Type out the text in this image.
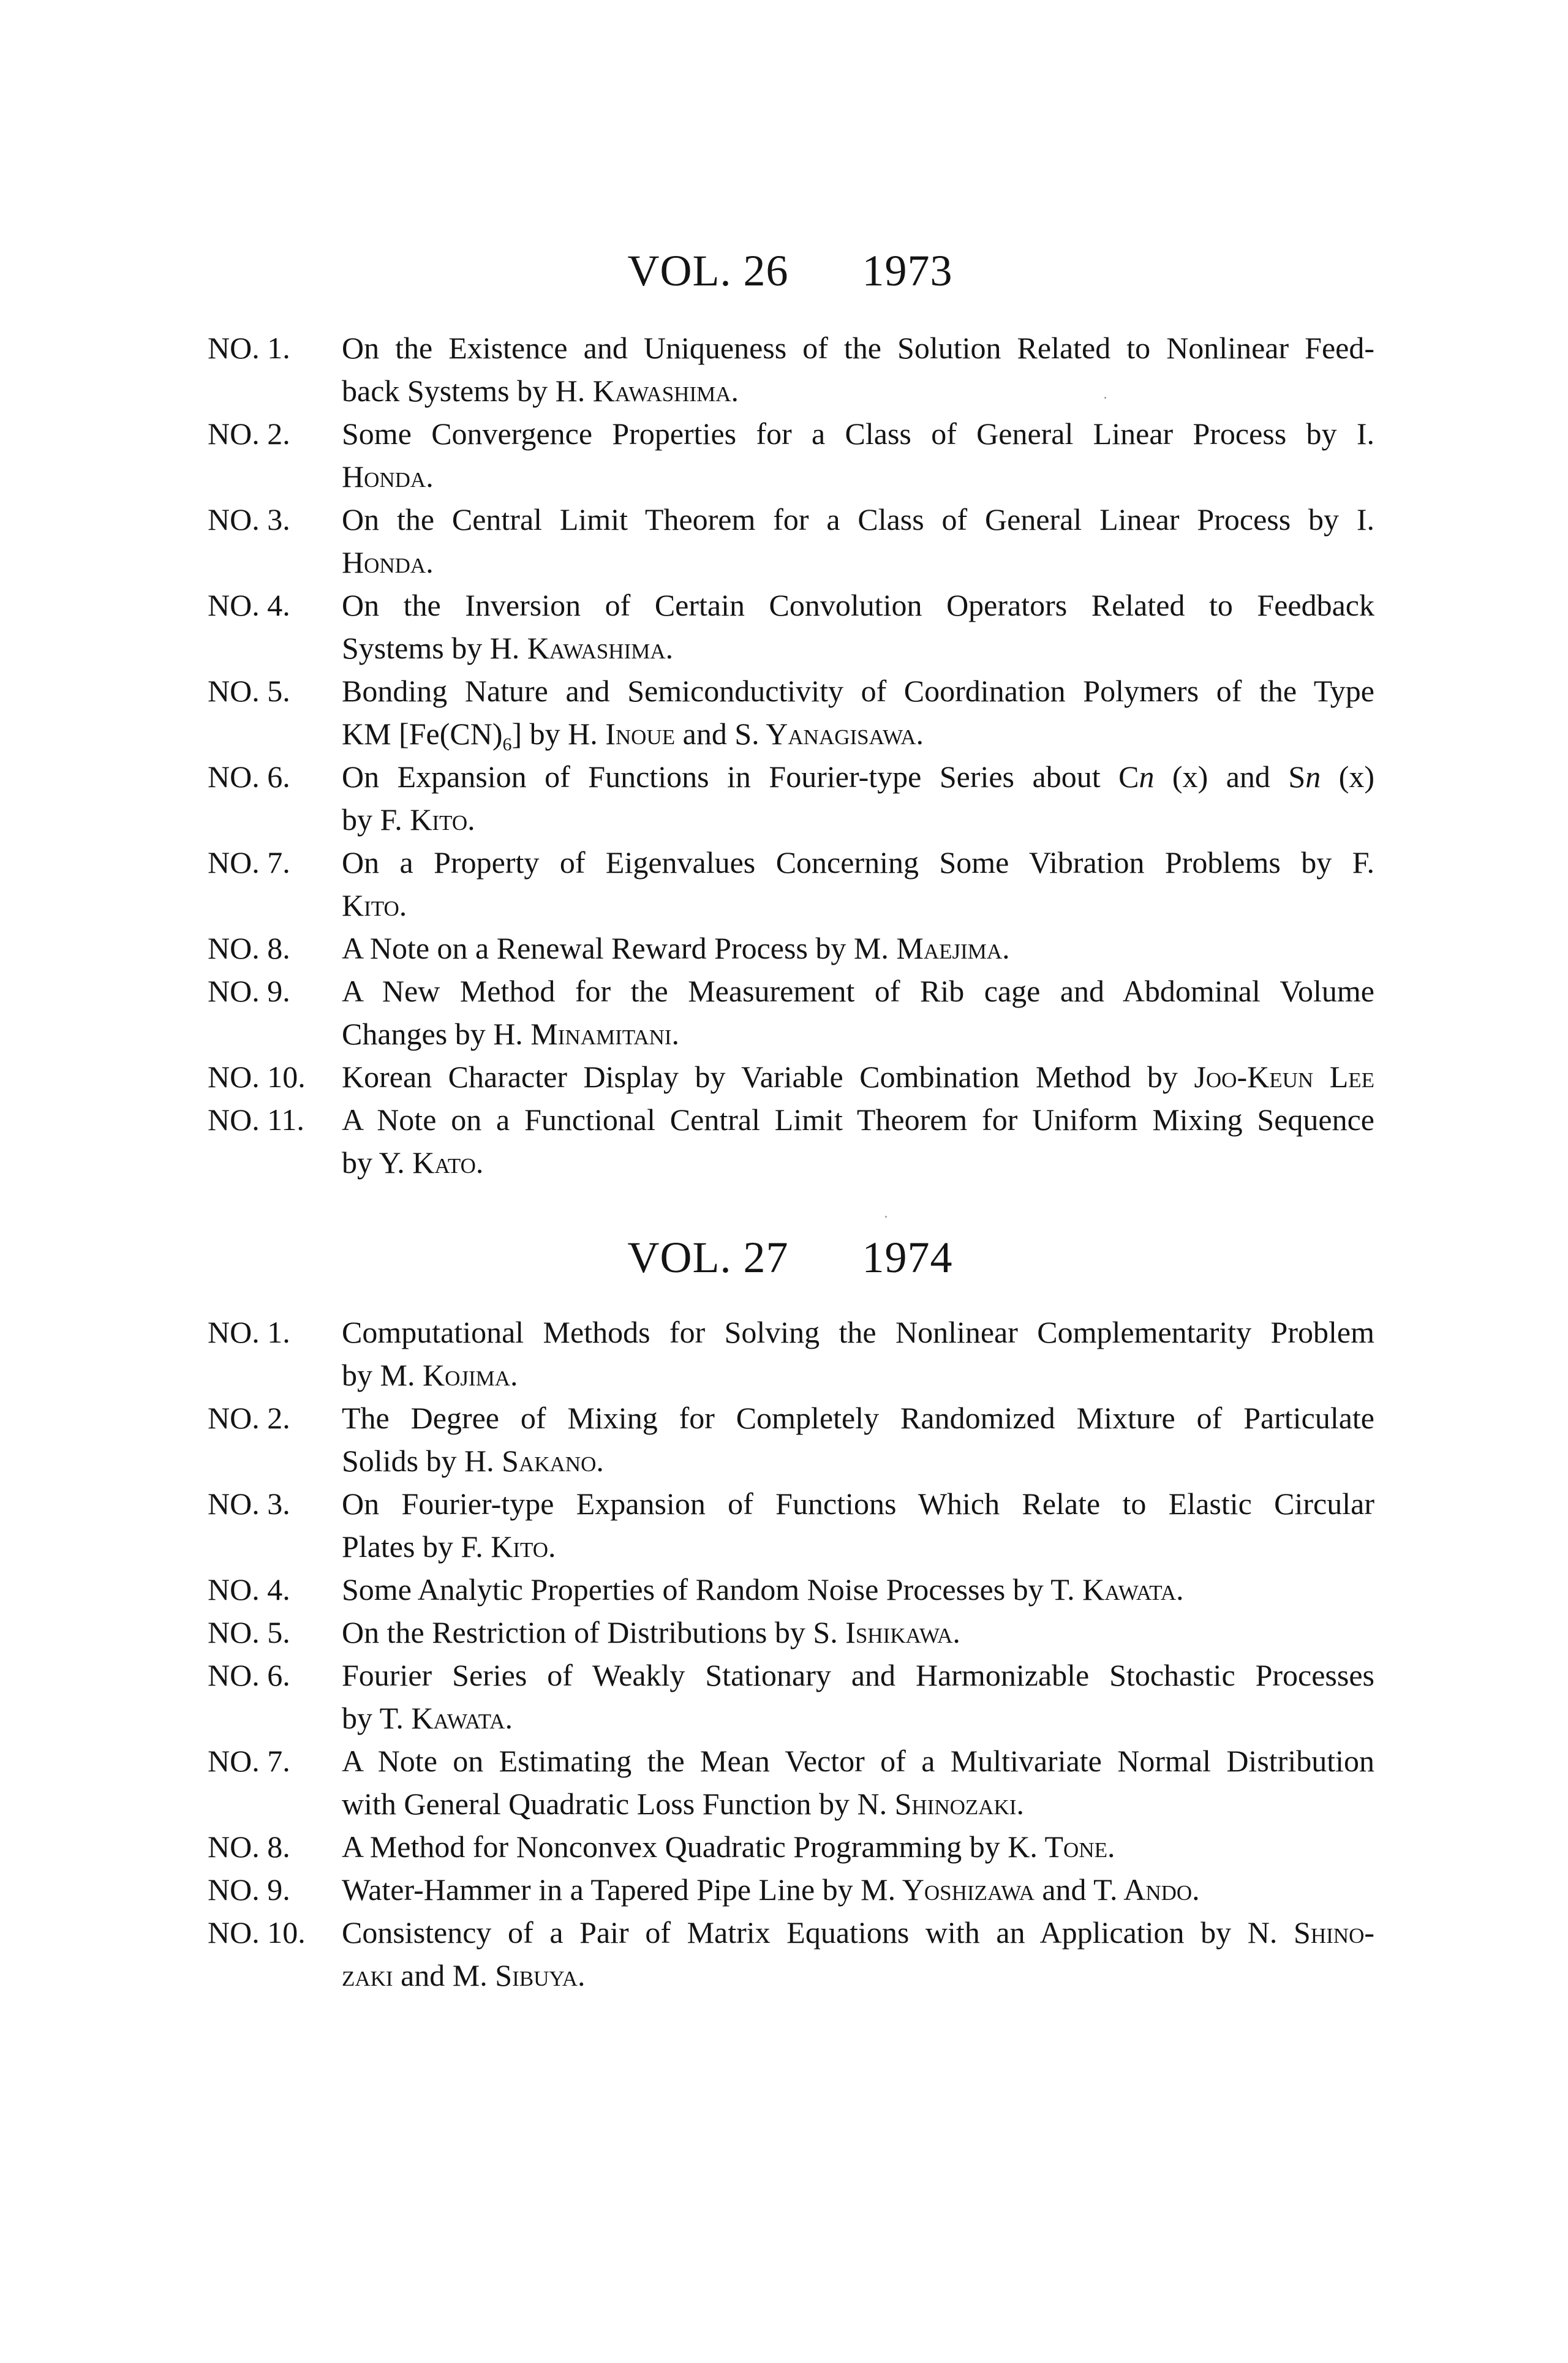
VOL. 26 1973
NO. 1.	On the Existence and Uniqueness of the Solution Related to Nonlinear Feed-
back Systems by H. Kawashima.
NO. 2.	Some Convergence Properties for a Class of General Linear Process by I.
Honda.
NO. 3.	On the Central Limit Theorem for a Class of General Linear Process by I.
Honda.
NO. 4.	On the Inversion of Certain Convolution Operators Related to Feedback
Systems by H. Kawashima.
NO. 5.	Bonding Nature and Semiconductivity of Coordination Polymers of the Type
KM $[Fe(CN)_6]$ by H. Inoue and S. Yanagisawa.
NO. 6.	On Expansion of Functions in Fourier-type Series about Cn (x) and Sn (x)
by F. Kito.
NO. 7.	On a Property of Eigenvalues Concerning Some Vibration Problems by F.
Kito.
NO. 8.	A Note on a Renewal Reward Process by M. Maejima.
NO. 9.	A New Method for the Measurement of Rib cage and Abdominal Volume
Changes by H. Minamitani.
NO. 10.	Korean Character Display by Variable Combination Method by Joo-Keun Lee
NO. 11.	A Note on a Functional Central Limit Theorem for Uniform Mixing Sequence
by Y. Kato.
VOL. 27 1974
NO. 1.	Computational Methods for Solving the Nonlinear Complementarity Problem
by M. Kojima.
NO. 2.	The Degree of Mixing for Completely Randomized Mixture of Particulate
Solids by H. Sakano.
NO. 3.	On Fourier-type Expansion of Functions Which Relate to Elastic Circular
Plates by F. Kito.
NO. 4.	Some Analytic Properties of Random Noise Processes by T. Kawata.
NO. 5.	On the Restriction of Distributions by S. Ishikawa.
NO. 6.	Fourier Series of Weakly Stationary and Harmonizable Stochastic Processes
by T. Kawata.
NO. 7.	A Note on Estimating the Mean Vector of a Multivariate Normal Distribution
with General Quadratic Loss Function by N. Shinozaki.
NO. 8.	A Method for Nonconvex Quadratic Programming by K. Tone.
NO. 9.	Water-Hammer in a Tapered Pipe Line by M. Yoshizawa and T. Ando.
NO. 10.	Consistency of a Pair of Matrix Equations with an Application by N. Shino-
zaki and M. Sibuya.
